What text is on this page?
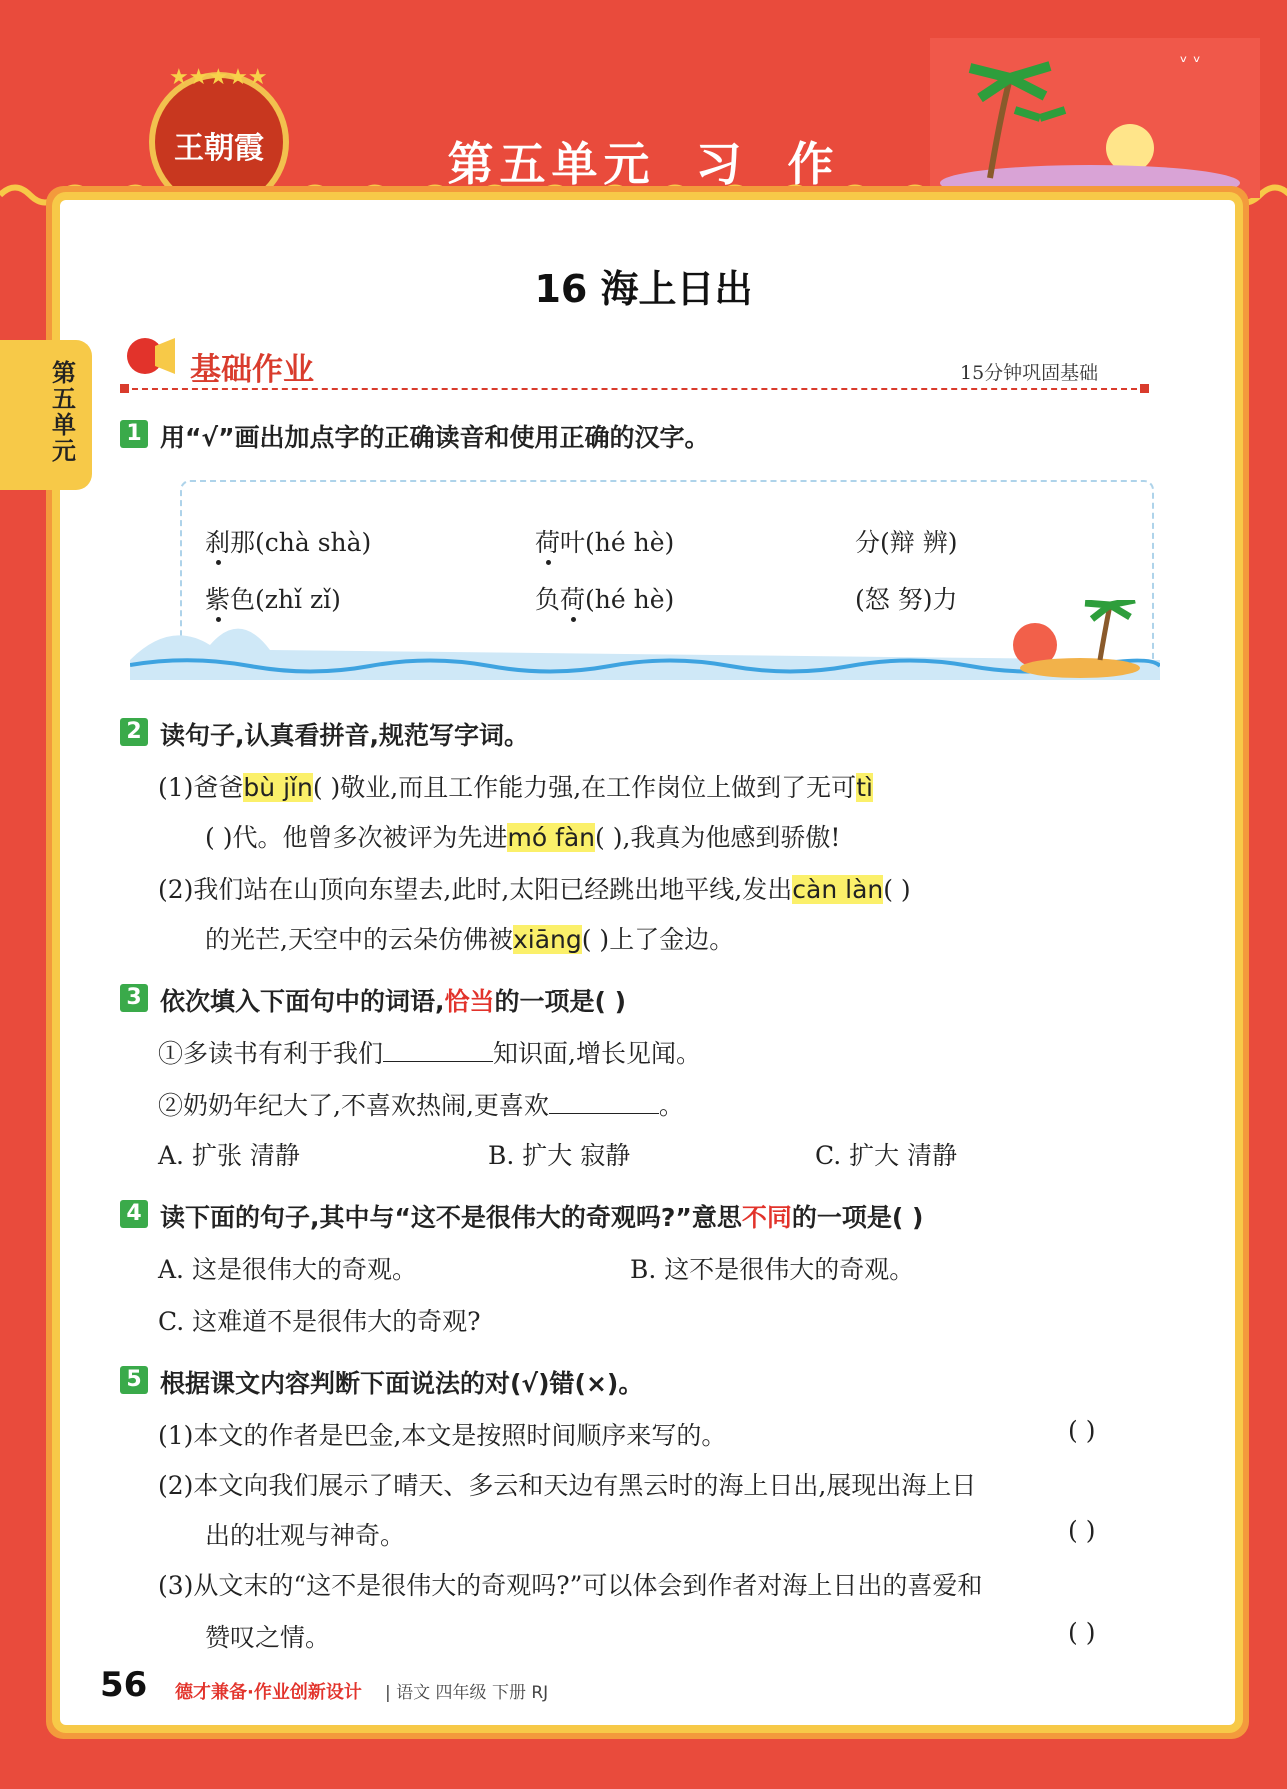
★★★★★
王朝霞	第五单元 习 作
ᵛ ᵛ
第五单元
16 海上日出
基础作业	15分钟巩固基础
1 用“√”画出加点字的正确读音和使用正确的汉字。
刹那(chà shà)	荷叶(hé hè)	分(辩 辨)
紫色(zhǐ zǐ)	负荷(hé hè)	(怒 努)力
2 读句子,认真看拼音,规范写字词。
(1)爸爸bù jǐn( )敬业,而且工作能力强,在工作岗位上做到了无可tì
( )代。他曾多次被评为先进mó fàn( ),我真为他感到骄傲!
(2)我们站在山顶向东望去,此时,太阳已经跳出地平线,发出càn làn( )
的光芒,天空中的云朵仿佛被xiāng( )上了金边。
3 依次填入下面句中的词语,恰当的一项是( )
①多读书有利于我们	知识面,增长见闻。
②奶奶年纪大了,不喜欢热闹,更喜欢	。
A. 扩张 清静	B. 扩大 寂静	C. 扩大 清静
4 读下面的句子,其中与“这不是很伟大的奇观吗?”意思不同的一项是( )
A. 这是很伟大的奇观。	B. 这不是很伟大的奇观。
C. 这难道不是很伟大的奇观?
5 根据课文内容判断下面说法的对(√)错(×)。
(1)本文的作者是巴金,本文是按照时间顺序来写的。	( )
(2)本文向我们展示了晴天、多云和天边有黑云时的海上日出,展现出海上日
出的壮观与神奇。	( )
(3)从文末的“这不是很伟大的奇观吗?”可以体会到作者对海上日出的喜爱和
赞叹之情。	( )
56 德才兼备·作业创新设计 | 语文 四年级 下册 RJ
